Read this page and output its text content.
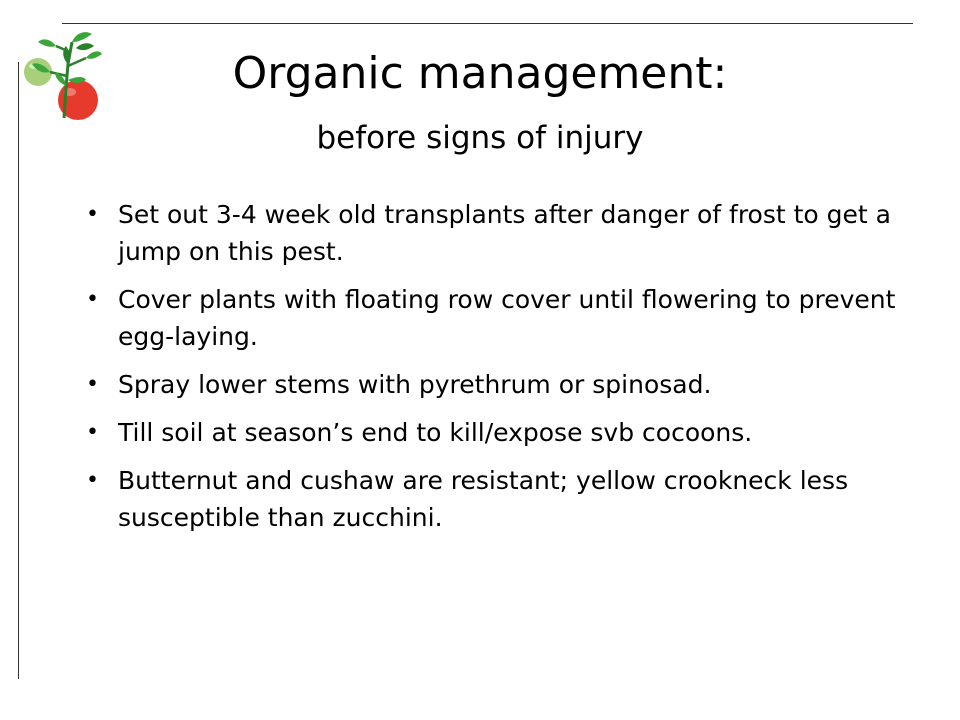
Organic management:
before signs of injury
• Set out 3-4 week old transplants after danger of frost to get a jump on this pest.
• Cover plants with floating row cover until flowering to prevent egg-laying.
• Spray lower stems with pyrethrum or spinosad.
• Till soil at season’s end to kill/expose svb cocoons.
• Butternut and cushaw are resistant; yellow crookneck less susceptible than zucchini.
